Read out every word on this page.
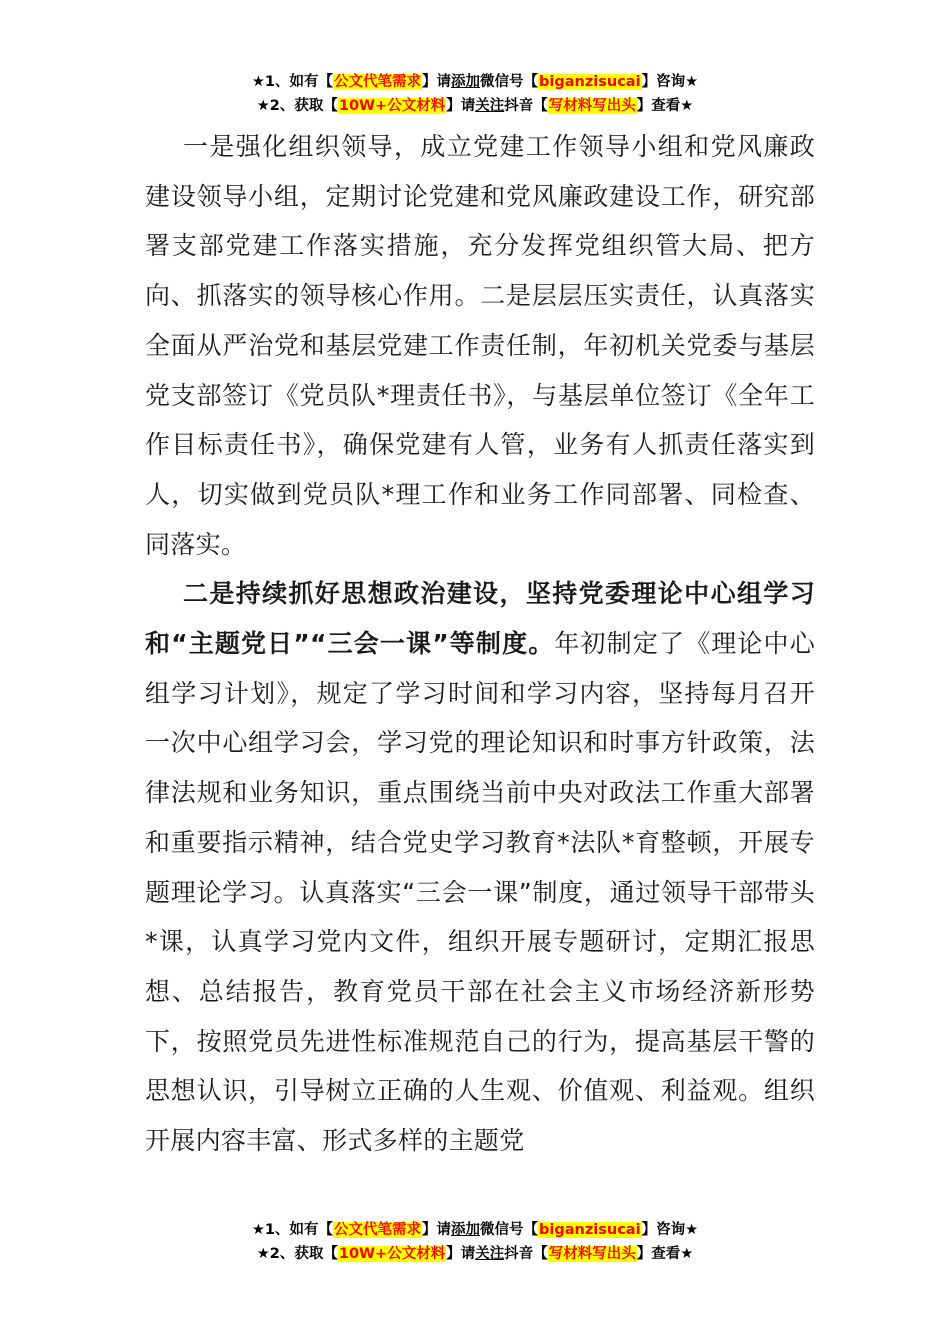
★1、如有【公文代笔需求】请添加微信号【biganzisucai】咨询★
★2、获取【10W+公文材料】请关注抖音【写材料写出头】查看★

一是强化组织领导，成立党建工作领导小组和党风廉政建设领导小组，定期讨论党建和党风廉政建设工作，研究部署支部党建工作落实措施，充分发挥党组织管大局、把方向、抓落实的领导核心作用。二是层层压实责任，认真落实全面从严治党和基层党建工作责任制，年初机关党委与基层党支部签订《党员队*理责任书》，与基层单位签订《全年工作目标责任书》，确保党建有人管，业务有人抓责任落实到人，切实做到党员队*理工作和业务工作同部署、同检查、同落实。

二是持续抓好思想政治建设，坚持党委理论中心组学习和“主题党日”“三会一课”等制度。年初制定了《理论中心组学习计划》，规定了学习时间和学习内容，坚持每月召开一次中心组学习会，学习党的理论知识和时事方针政策，法律法规和业务知识，重点围绕当前中央对政法工作重大部署和重要指示精神，结合党史学习教育*法队*育整顿，开展专题理论学习。认真落实“三会一课”制度，通过领导干部带头*课，认真学习党内文件，组织开展专题研讨，定期汇报思想、总结报告，教育党员干部在社会主义市场经济新形势下，按照党员先进性标准规范自己的行为，提高基层干警的思想认识，引导树立正确的人生观、价值观、利益观。组织开展内容丰富、形式多样的主题党

★1、如有【公文代笔需求】请添加微信号【biganzisucai】咨询★
★2、获取【10W+公文材料】请关注抖音【写材料写出头】查看★
